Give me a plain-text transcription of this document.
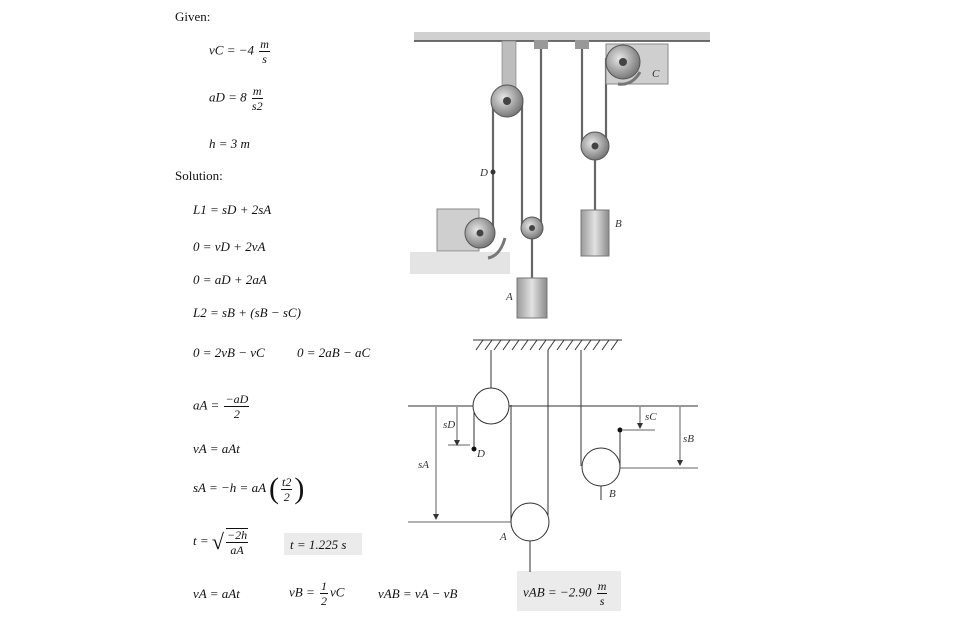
Given:
vC = $-4 \frac{m}{s}$
aD = $8 \frac{m}{s2}$
h = 3 m
Solution:
L1 = sD + 2sA
0 = vD + 2vA
0 = aD + 2aA
L2 = sB + (sB − sC)
0 = 2vB − vC 0 = 2aB − aC
aA = $\frac{-aD}{2}$
vA = aAt
sA = −h = aA ( $\frac{t2}{2}$ )
t = √ $\frac{-2h}{aA}$	t = 1.225 s
vA = aAt	vB = $\frac{1}{2}$ vC	vAB = vA − vB	vAB = $-2.90 \frac{m}{s}$
C
B
D
A
D
sD
sA
sC
sB
B
A
